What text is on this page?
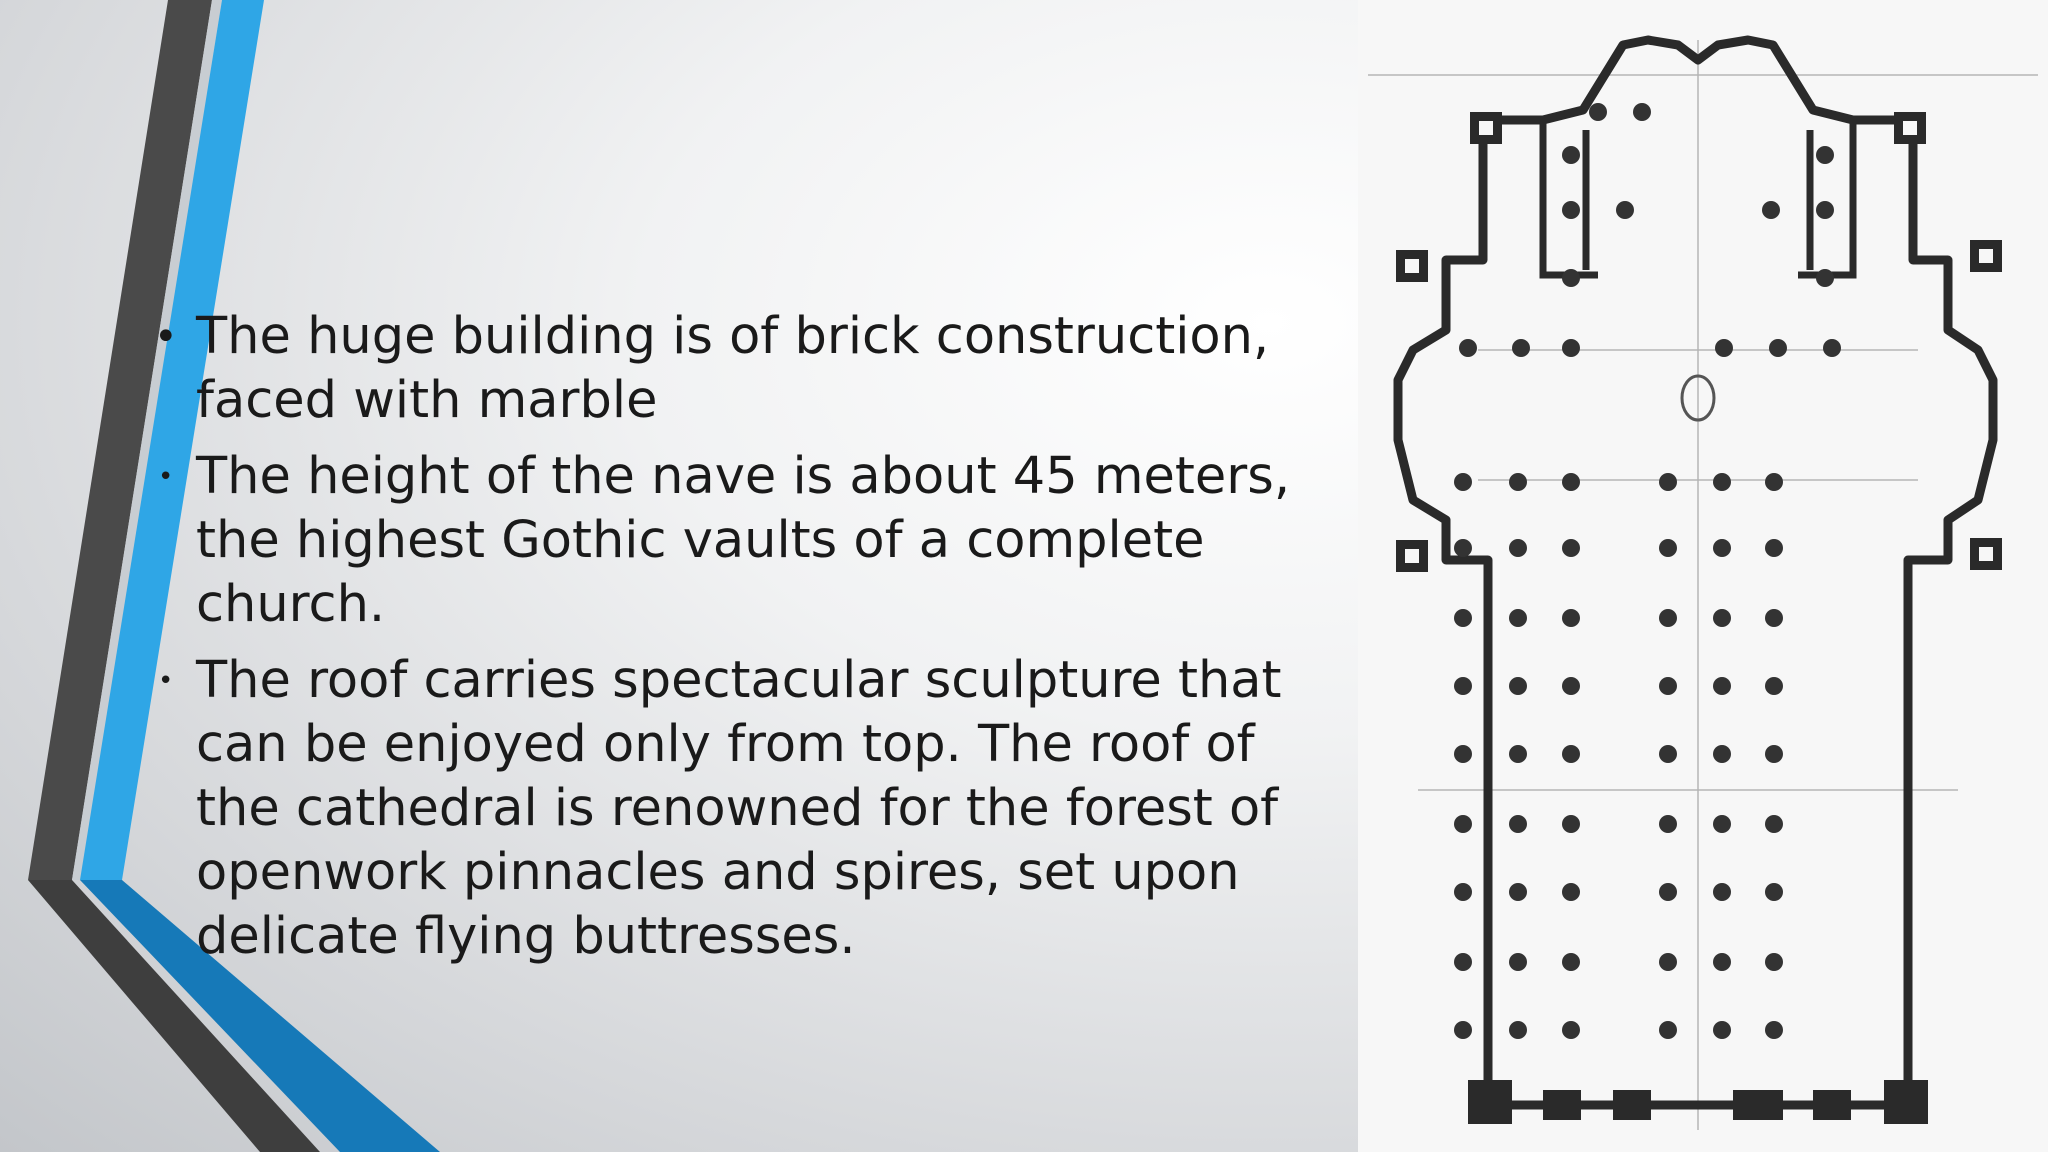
• The huge building is of brick construction, faced with marble
• The height of the nave is about 45 meters, the highest Gothic vaults of a complete church.
• The roof carries spectacular sculpture that can be enjoyed only from top. The roof of the cathedral is renowned for the forest of openwork pinnacles and spires, set upon delicate flying buttresses.
